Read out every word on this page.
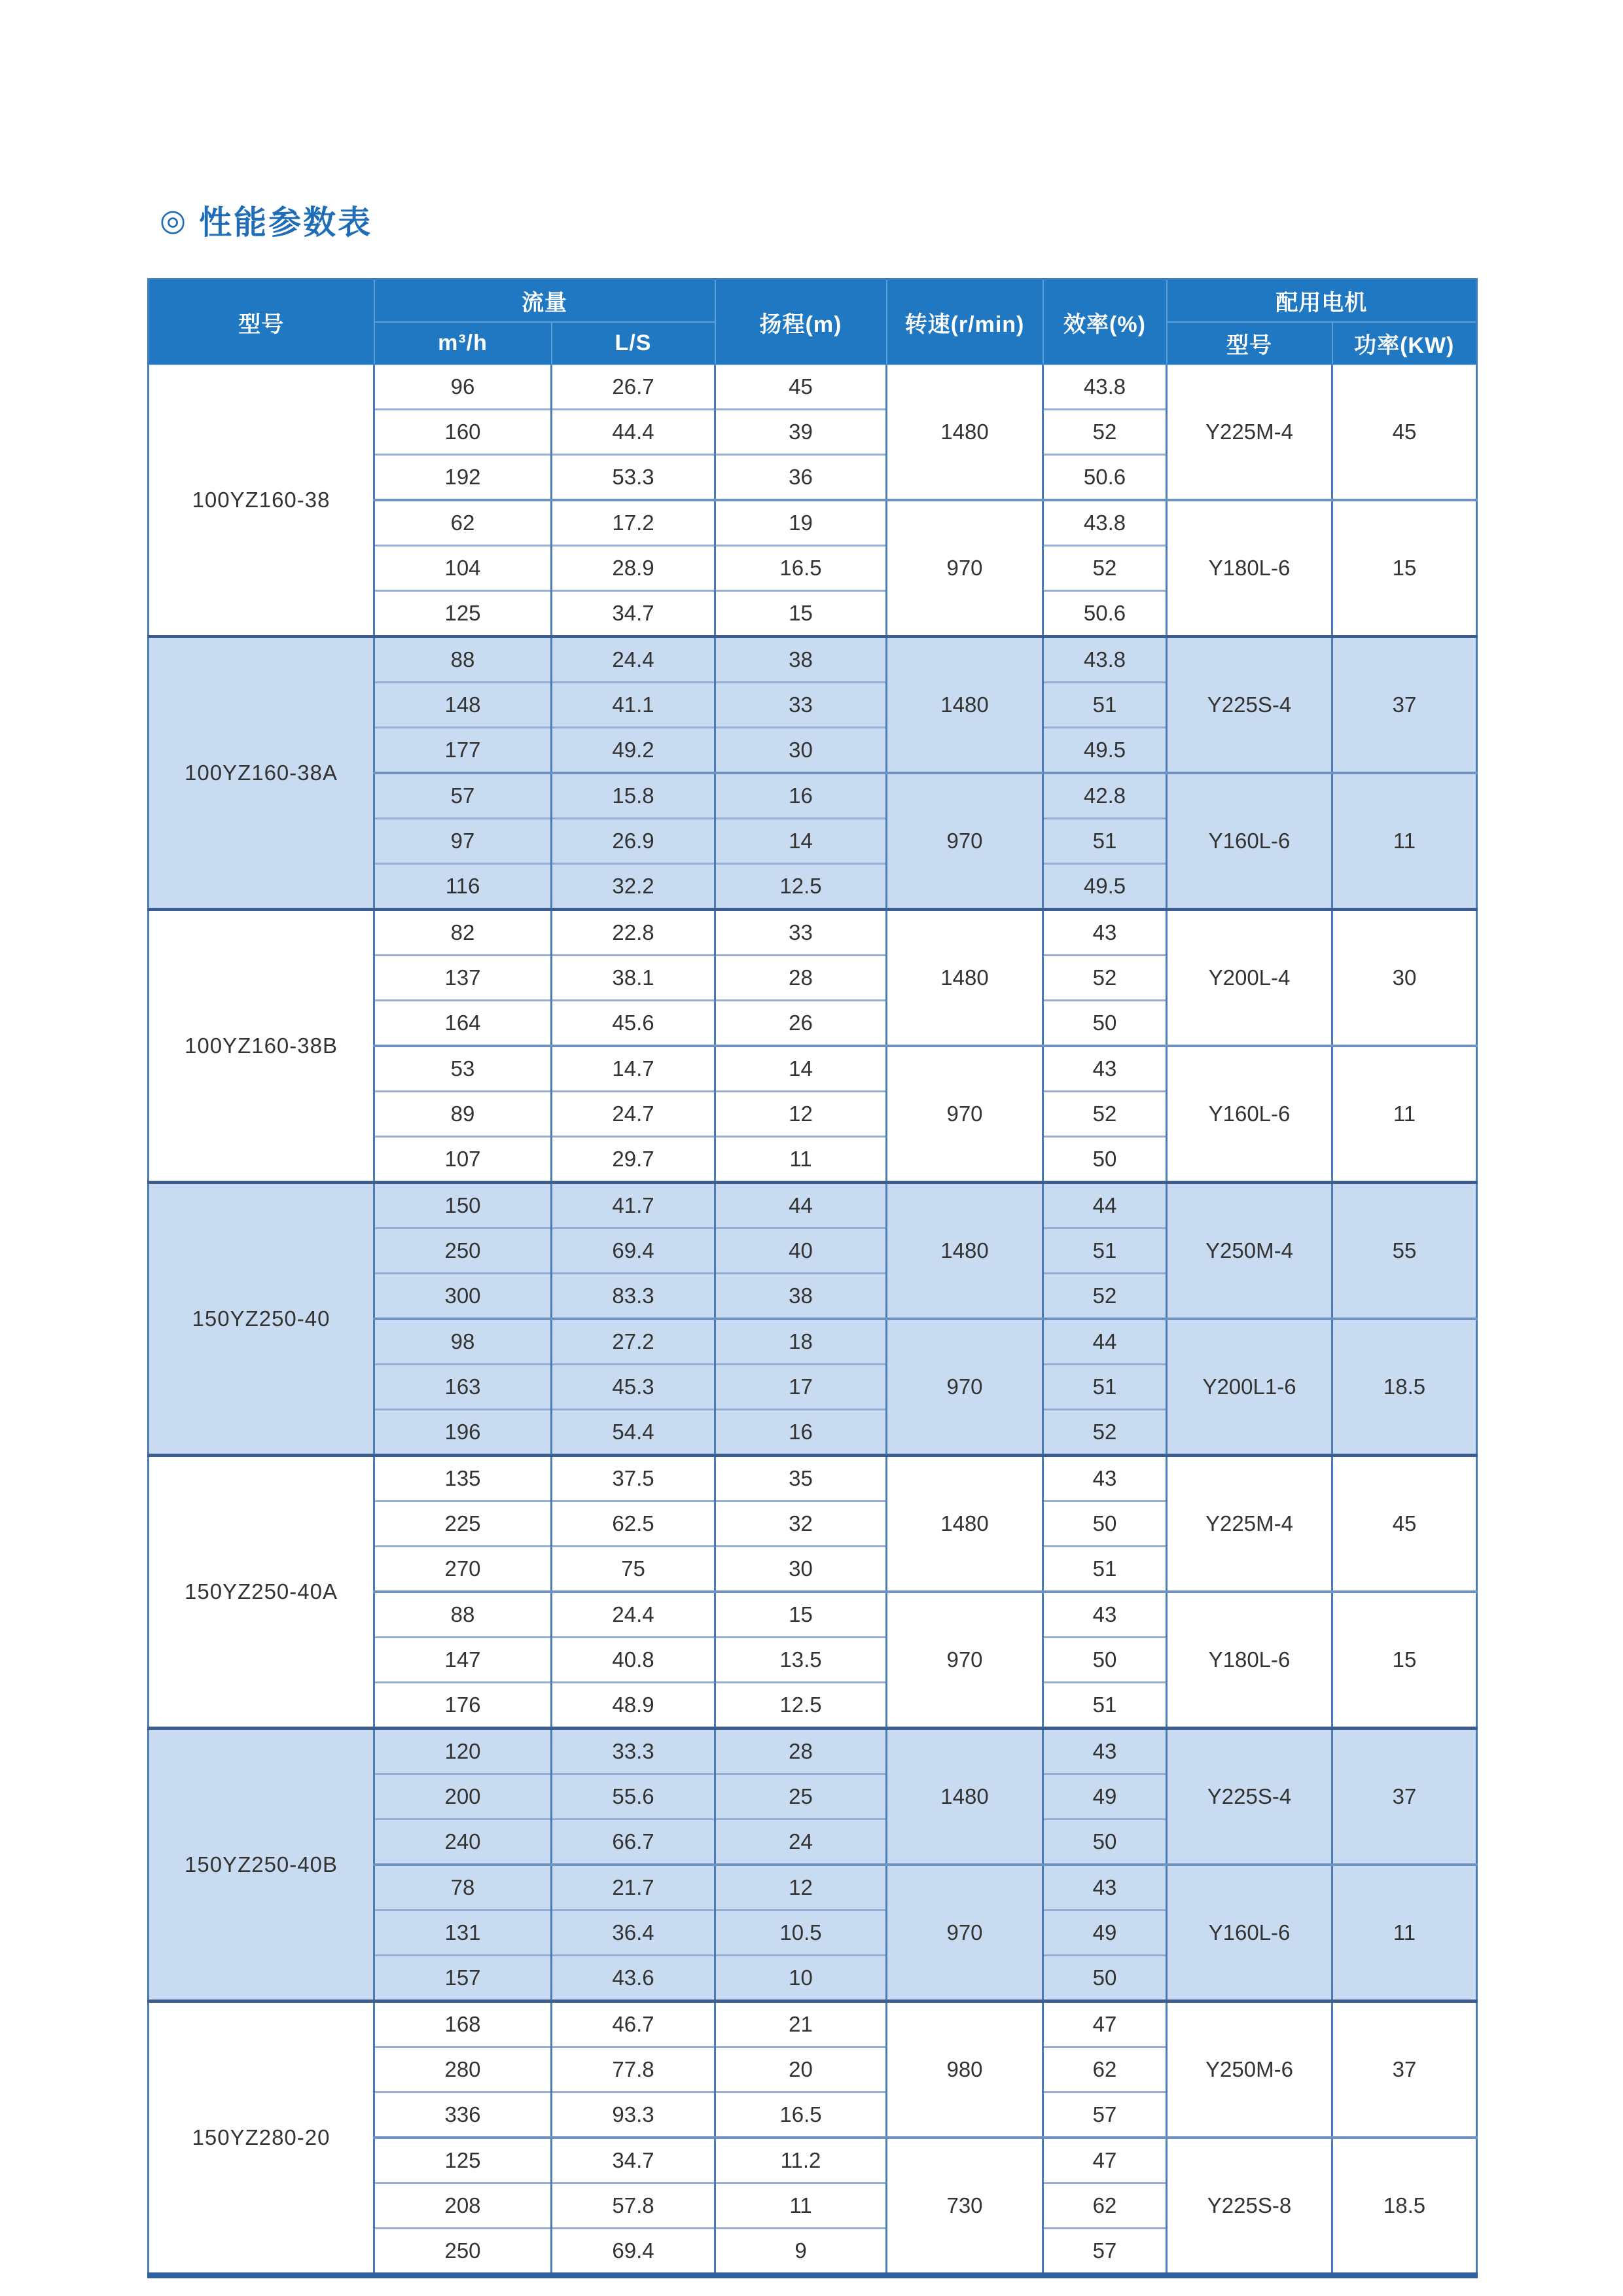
◎ 性能参数表
型号	流量		扬程(m)	转速(r/min)	效率(%)	配用电机	
	m³/h	L/S				型号	功率(KW)
100YZ160-38	96	26.7	45	1480	43.8	Y225M-4	45
	160	44.4	39		52		
	192	53.3	36		50.6		
	62	17.2	19	970	43.8	Y180L-6	15
	104	28.9	16.5		52		
	125	34.7	15		50.6		
100YZ160-38A	88	24.4	38	1480	43.8	Y225S-4	37
	148	41.1	33		51		
	177	49.2	30		49.5		
	57	15.8	16	970	42.8	Y160L-6	11
	97	26.9	14		51		
	116	32.2	12.5		49.5		
100YZ160-38B	82	22.8	33	1480	43	Y200L-4	30
	137	38.1	28		52		
	164	45.6	26		50		
	53	14.7	14	970	43	Y160L-6	11
	89	24.7	12		52		
	107	29.7	11		50		
150YZ250-40	150	41.7	44	1480	44	Y250M-4	55
	250	69.4	40		51		
	300	83.3	38		52		
	98	27.2	18	970	44	Y200L1-6	18.5
	163	45.3	17		51		
	196	54.4	16		52		
150YZ250-40A	135	37.5	35	1480	43	Y225M-4	45
	225	62.5	32		50		
	270	75	30		51		
	88	24.4	15	970	43	Y180L-6	15
	147	40.8	13.5		50		
	176	48.9	12.5		51		
150YZ250-40B	120	33.3	28	1480	43	Y225S-4	37
	200	55.6	25		49		
	240	66.7	24		50		
	78	21.7	12	970	43	Y160L-6	11
	131	36.4	10.5		49		
	157	43.6	10		50		
150YZ280-20	168	46.7	21	980	47	Y250M-6	37
	280	77.8	20		62		
	336	93.3	16.5		57		
	125	34.7	11.2	730	47	Y225S-8	18.5
	208	57.8	11		62		
	250	69.4	9		57		
